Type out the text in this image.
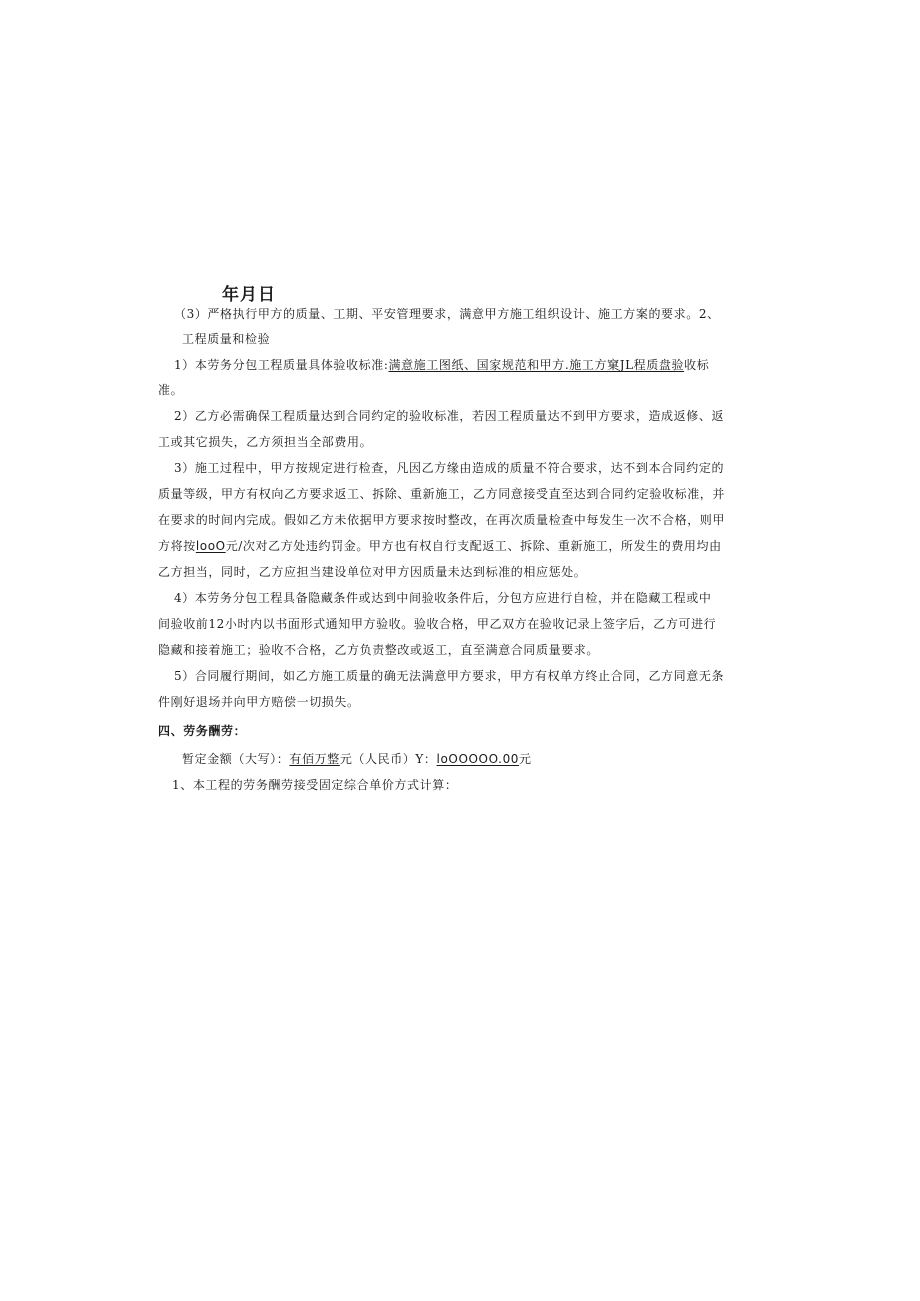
年月日
（3）严格执行甲方的质量、工期、平安管理要求，满意甲方施工组织设计、施工方案的要求。2、
工程质量和检验
1）本劳务分包工程质量具体验收标准:满意施工图纸、国家规范和甲方.施工方窠JL程质盘验收标
准。
2）乙方必需确保工程质量达到合同约定的验收标准，若因工程质量达不到甲方要求，造成返修、返
工或其它损失，乙方须担当全部费用。
3）施工过程中，甲方按规定进行检查，凡因乙方缘由造成的质量不符合要求，达不到本合同约定的
质量等级，甲方有权向乙方要求返工、拆除、重新施工，乙方同意接受直至达到合同约定验收标准，并
在要求的时间内完成。假如乙方未依据甲方要求按时整改，在再次质量检查中每发生一次不合格，则甲
方将按looO元/次对乙方处违约罚金。甲方也有权自行支配返工、拆除、重新施工，所发生的费用均由
乙方担当，同时，乙方应担当建设单位对甲方因质量未达到标准的相应惩处。
4）本劳务分包工程具备隐藏条件或达到中间验收条件后，分包方应进行自检，并在隐藏工程或中
间验收前12小时内以书面形式通知甲方验收。验收合格，甲乙双方在验收记录上签字后，乙方可进行
隐藏和接着施工；验收不合格，乙方负责整改或返工，直至满意合同质量要求。
5）合同履行期间，如乙方施工质量的确无法满意甲方要求，甲方有权单方终止合同，乙方同意无条
件刚好退场并向甲方赔偿一切损失。
四、劳务酬劳：
暂定金额（大写）：有佰万整元（人民币）Y：loOOOOO.00元
1、本工程的劳务酬劳接受固定综合单价方式计算：
